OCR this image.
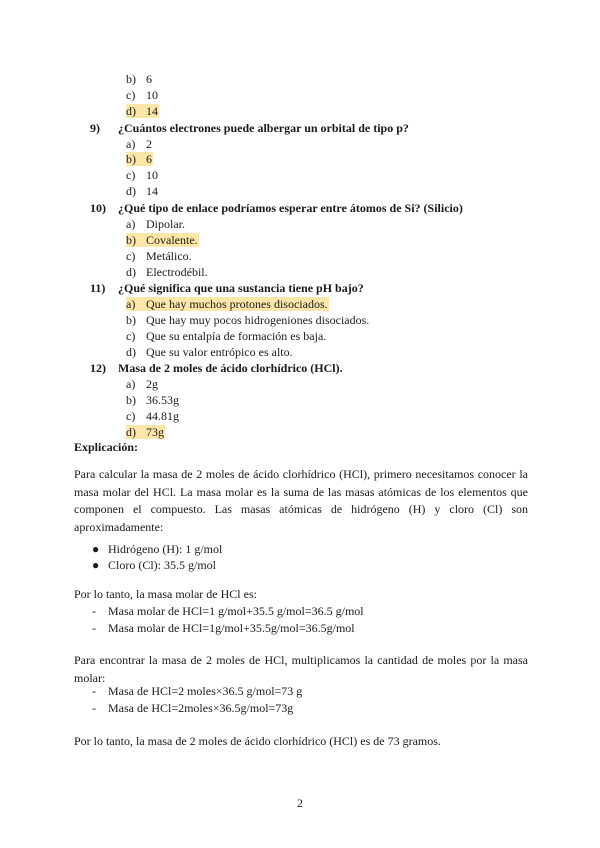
b) 6
c) 10
d) 14
9) ¿Cuántos electrones puede albergar un orbital de tipo p?
a) 2
b) 6
c) 10
d) 14
10) ¿Qué tipo de enlace podríamos esperar entre átomos de Si? (Silicio)
a) Dipolar.
b) Covalente.
c) Metálico.
d) Electrodébil.
11) ¿Qué significa que una sustancia tiene pH bajo?
a) Que hay muchos protones disociados.
b) Que hay muy pocos hidrogeniones disociados.
c) Que su entalpía de formación es baja.
d) Que su valor entrópico es alto.
12) Masa de 2 moles de ácido clorhídrico (HCl).
a) 2g
b) 36.53g
c) 44.81g
d) 73g
Explicación:
Para calcular la masa de 2 moles de ácido clorhídrico (HCl), primero necesitamos conocer la masa molar del HCl. La masa molar es la suma de las masas atómicas de los elementos que componen el compuesto. Las masas atómicas de hidrógeno (H) y cloro (Cl) son aproximadamente:
● Hidrógeno (H): 1 g/mol
● Cloro (Cl): 35.5 g/mol
Por lo tanto, la masa molar de HCl es:
- Masa molar de HCl=1 g/mol+35.5 g/mol=36.5 g/mol
- Masa molar de HCl=1g/mol+35.5g/mol=36.5g/mol
Para encontrar la masa de 2 moles de HCl, multiplicamos la cantidad de moles por la masa molar:
- Masa de HCl=2 moles×36.5 g/mol=73 g
- Masa de HCl=2moles×36.5g/mol=73g
Por lo tanto, la masa de 2 moles de ácido clorhídrico (HCl) es de 73 gramos.
2
